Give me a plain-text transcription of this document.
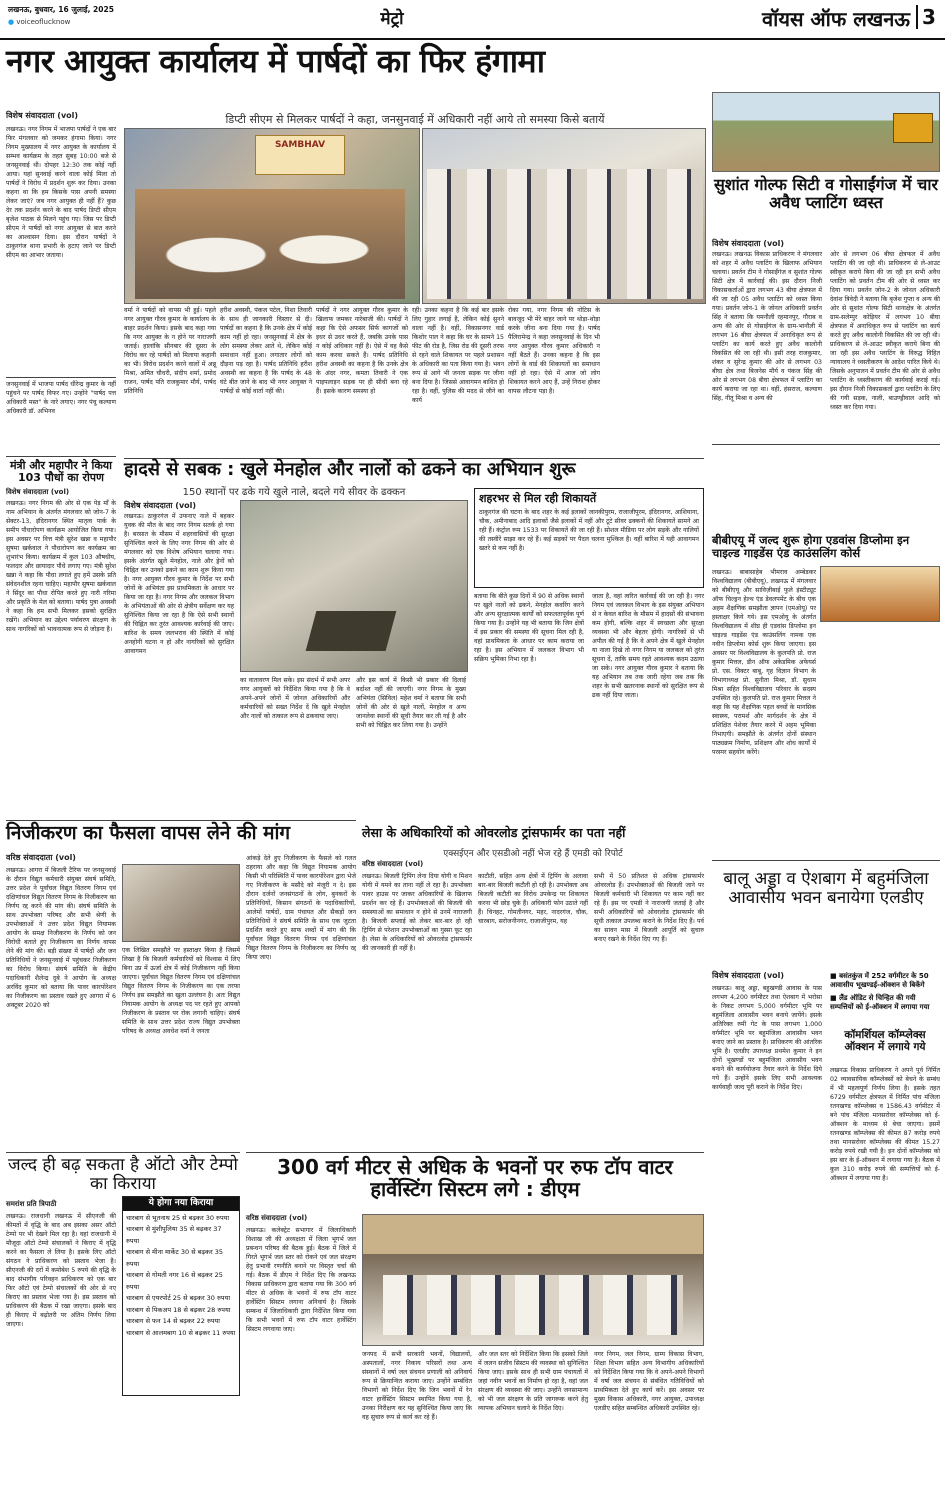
लखनऊ, बुधवार, 16 जुलाई, 2025
● voiceoflucknow	मेट्रो	वॉयस ऑफ लखनऊ 3
नगर आयुक्त कार्यालय में पार्षदों का फिर हंगामा
विशेष संवाददाता (vol)	डिप्टी सीएम से मिलकर पार्षदों ने कहा, जनसुनवाई में अधिकारी नहीं आये तो समस्या किसे बतायें
लखनऊ। नगर निगम में भाजपा पार्षदों ने एक बार फिर मंगलवार को जमकर हंगामा किया। नगर निगम मुख्यालय में नगर आयुक्त के कार्यालय में सम्भव कार्यक्रम के तहत सुबह 10:00 बजे से जनसुनवाई थी। दोपहर 12:30 तक कोई नहीं आया। यहां सुनवाई करने वाला कोई मिला तो पार्षदों ने विरोध में प्रदर्शन शुरू कर दिया। उनका कहना था कि हम किसके पास अपनी समस्या लेकर जाएं? जब नगर आयुक्त ही नहीं हैं? कुछ देर तक प्रदर्शन करने के बाद पार्षद डिप्टी सीएम बृजेश पाठक से मिलने पहुंच गए। जिस पर डिप्टी सीएम ने पार्षदों को नगर आयुक्त से बात करने का आश्वासन दिया। इस दौरान पार्षदों ने ठाकुरगंज थाना प्रभारी के हटाए जाने पर डिप्टी सीएम का आभार जताया।
जनसुनवाई में भाजपा पार्षद धीरेन्द्र कुमार के नहीं पहुंचने पर पार्षद विफर गए। उन्होंने "पार्षद पत्त अधिकारी मस्त" के नारे लगाए। नगर पंचु कल्याण अधिकारी डॉ. अभिनव
SAMBHAV
वर्मा ने पार्षदों को वापस भी हुई। पहले नगर आयुक्त गौरव कुमार के कार्यालय के बाहर प्रदर्शन किया। इसके बाद कहा गया कि नगर आयुक्त के न होने पर नाराजगी जताई। हालांकि सीनबार की दूसरा के विरोध कर रहे पार्षदों को मिलाया कहानी का भी। विरोध प्रदर्शन करने वालों में अन्नू मिश्रा, अमित चौधरी, संदीप शर्मा, प्रमोद राजन, पार्षद पति राजकुमार मौर्य, पार्षद प्रतिनिधि
हरीश अवस्थी, पंकज पटेल, निशा तिवारी के साथ ही जानकारी विस्तार से दी। पार्षदों का कहना है कि उनके क्षेत्र में कोई काम नहीं हो रहा। जनसुनवाई में क्षेत्र के लोग समस्या लेकर आते थे, लेकिन कोई समाधान नहीं हुआ। लगातार लोगों को दौड़ना पड़ रहा है। पार्षद प्रतिनिधि हरीश अवस्थी का कहना है कि पार्षद के 48 घंटे बीत जाने के बाद भी नगर आयुक्त ने पार्षदों से कोई वार्ता नहीं की।
पार्षदों ने नगर आयुक्त गौरव कुमार के खिलाफ जमकर नारेबाजी की। पार्षदों ने कहा कि ऐसे अफसर सिर्फ कागजों को इधर से उधर करते हैं, जबकि उनके पास न कोई अधिकार नहीं है। ऐसे में वह कैसे काम करवा सकते हैं। पार्षद प्रतिनिधि हरीश अवस्थी का कहना है कि उनके क्षेत्र के अंदर नगर, कमता तिवारी ने एक पाइपलाइन सड़क पर ही सीधी बना रहे हैं। इसके कारण समस्या हो
रही। उनका कहना है कि कई बार इसके लिए गुहार लगाई है, लेकिन कोई सुनने वाला नहीं है। वहीं, विकासनगर वार्ड किशोर पाल ने कहा कि घर के सामने 15 फीट की रोड है, जिस रोड की दूसरी तरफ से रहने वाले शिकायत पर पहले प्रशासन के अधिकारी का पता किया गया है। भवन रूप से आगे भी जनता सड़क पर जीना बना दिया है। जिससे आवागमन बाधित हो रहा है। वहीं, पुलिस की मदद से जीने का कार्य
रोका गया, नगर निगम की नोटिस के बावजूद भी मेरे बाहर जाने पर थोड़ा-थोड़ा करके जीना बना दिया गया है। पार्षद पैलिरामेन्द्र ने कहा जनसुनवाई के दिन भी नगर आयुक्त गौरव कुमार अधिकारी न नहीं बैठते हैं। उनका कहना है कि इस लोगों के वार्ड की शिकायतों का समाधान नहीं हो रहा। ऐसे में आज जो लोग शिकायत करने आए हैं, उन्हें निराश होकर वापस लौटना पड़ा है।
सुशांत गोल्फ सिटी व गोसाईंगंज में चार अवैध प्लाटिंग ध्वस्त
विशेष संवाददाता (vol)
लखनऊ। लखनऊ विकास प्राधिकरण ने मंगलवार को शहर में अवैध प्लाटिंग के खिलाफ अभियान चलाया। प्रवर्तन टीम ने गोसाईंगंज व सुशांत गोल्फ सिटी क्षेत्र में कार्रवाई की। इस दौरान निजी विकासकर्ताओं द्वारा लगभग 43 बीघा क्षेत्रफल में की जा रही 05 अवैध प्लाटिंग को ध्वस्त किया गया। प्रवर्तन जोन-1 के जोनल अधिकारी प्रवर्तन सिंह ने बताया कि यमनौली रहमानपुर, गौराब व अन्य की ओर से गोसाईंगंज के ग्राम-भानौली में लगभग 16 बीघा क्षेत्रफल में अनाधिकृत रूप से प्लाटिंग का कार्य करते हुए अवैध कालोनी विकसित की जा रही थी। इसी तरह राजकुमार, शंकर व सुरेन्द्र कुमार की ओर से लगभग 03 बीघा क्षेत्र तथा बिजनेस मौर्य व पंकज सिंह की ओर से लगभग 08 बीघा क्षेत्रफल में प्लाटिंग का कार्य कराया जा रहा था। वहीं, हंसराज, कल्याण सिंह, नीतू मिश्रा व अन्य की
ओर से लगभग 06 बीघा क्षेत्रफल में अवैध प्लाटिंग की जा रही थी। प्राधिकरण से ले-आउट स्वीकृत कराये बिना की जा रही इन सभी अवैध प्लाटिंग को प्रवर्तन टीम की ओर से ध्वस्त कर दिया गया। प्रवर्तन जोन-2 के जोनल अधिकारी देवांश त्रिवेदी ने बताया कि बृजेश गुप्ता व अन्य की ओर से सुशांत गोल्फ सिटी थानाक्षेत्र के अंतर्गत ग्राम-सलेम्पुर कोड़ियर में लगभग 10 बीघा क्षेत्रफल में अनाधिकृत रूप से प्लाटिंग का कार्य करते हुए अवैध कालोनी विकसित की जा रही थी। प्राधिकरण से ले-आउट स्वीकृत कराये बिना की जा रही इस अवैध प्लाटिंग के विरुद्ध विहित न्यायालय ने ध्वस्तीकरण के आदेश पारित किये थे। जिसके अनुपालन में प्रवर्तन टीम की ओर से अवैध प्लाटिंग के ध्वस्तीकरण की कार्यवाई कराई गई। इस दौरान निजी विकासकर्ता द्वारा प्लाटिंग के लिए की गयी सड़क, नाली, बाउण्ड्रीवाल आदि को ध्वस्त कर दिया गया।
मंत्री और महापौर ने किया 103 पौधों का रोपण
विशेष संवाददाता (vol)
लखनऊ। नगर निगम की ओर से एक पेड़ माँ के नाम अभियान के अंतर्गत मंगलवार को जोन-7 के सेक्टर-13, इंदिरानगर स्थित मातृत्व पार्क के समीप पौधारोपण कार्यक्रम आयोजित किया गया। इस अवसर पर वित्त मंत्री सुरेश खन्ना व महापौर सुषमा खर्कवाल ने पौधारोपण कर कार्यक्रम का शुभारंभ किया। कार्यक्रम में कुल 103 औषधीय, फलदार और छायादार पौधे लगाए गए। मंत्री सुरेश खन्ना ने कहा कि पौधा लगाते हुए हमें उसके प्रति संवेदनशील रहना चाहिए। महापौर सुषमा खर्कवाल ने सिंदूर का पौधा रोपित करते हुए नारी गरिमा और प्रकृति के मेल को बताया। पार्षद पुत्रा अवस्थी ने कहा कि हम सभी मिलकर इसको सुरक्षित रखेंगे। अभियान का उद्देश्य पर्यावरण संरक्षण के साथ नागरिकों को भावनात्मक रूप से जोड़ना है।
हादसे से सबक : खुले मेनहोल और नालों को ढकने का अभियान शुरू
150 स्थानों पर ढके गये खुले नाले, बदले गये सीवर के ढक्कन
विशेष संवाददाता (vol)
लखनऊ। ठाकुरगंज में उफनाए नाले में बहकर युवक की मौत के बाद नगर निगम सतर्क हो गया है। बरसात के मौसम में शहरवासियों की सुरक्षा सुनिश्चित करने के लिए नगर निगम की ओर से मंगलवार को एक विशेष अभियान चलाया गया। इसके अंतर्गत खुले मेनहोल, नाले और ड्रेनों को चिह्नित कर उनको ढकने का काम शुरू किया गया है। नगर आयुक्त गौरव कुमार के निर्देश पर सभी जोनों के अभियंता इस प्राथमिकता के आधार पर किया जा रहा है। नगर निगम और जलकल विभाग के अभियंताओं की ओर से क्षेत्रीय सर्वेक्षण कर यह सुनिश्चित किया जा रहा है कि ऐसे सभी स्थानों की चिह्नित कर तुरंत आवश्यक कार्रवाई की जाए। बारिश के समय जलभराव की स्थिति में कोई अनहोनी घटना न हो और नागरिकों को सुरक्षित आवागमन
शहरभर से मिल रही शिकायतें
ठाकुरगंज की घटना के बाद शहर के कई इलाकों जानकीपुरम, राजाजीपुरम, इंदिरानगर, आशियाना, चौक, अमीनाबाद आदि इलाकों जैसे इलाकों में नहीं और टूटे सीवर ढक्कनों की शिकायतें सामने आ रही हैं। कंट्रोल रूम 1533 पर शिकायतें की जा रही हैं। सोशल मीडिया पर लोग सड़कें और नालियों की तस्वीरें साझा कर रहे हैं। कई सड़कों पर पैदल चलना मुश्किल है। वहीं बारिश में यही आवागमन खतरे से कम नहीं है।
का वातावरण मिल सके। इस संदर्भ में सभी अपर नगर आयुक्तों को निर्देशित किया गया है कि वे अपने-अपने जोनों में जोनल अधिकारियों और कर्मचारियों को सख्त निर्देश दें कि खुले मेनहोल और नालों को तत्काल रूप से ढकवाया जाए।
और इस कार्य में किसी भी प्रकार की दिलाई बर्दाश्त नहीं की जाएगी। नगर निगम के मुख्य अभियंता (सिविल) महेश वर्मा ने बताया कि सभी जोनों की ओर से खुले नालों, मेनहोल व अन्य जानलेवा स्थानों की सूची तैयार कर ली गई है और सभी को चिह्नित कर लिया गया है। उन्होंने
बताया कि बीते कुछ दिनों में 90 से अधिक स्थानों पर खुले नालों को ढकने, मेनहोल कवरिंग करने और अन्य सुरक्षात्मक कार्यों को सफलतापूर्वक पूर्ण किया गया है। उन्होंने यह भी बताया कि जिन क्षेत्रों में इस प्रकार की समस्या की सूचना मिल रही है, वहां प्राथमिकता के आधार पर काम कराया जा रहा है। इस अभियान में जलकल विभाग भी सक्रिय भूमिका निभा रहा है।
जाता है, वहां त्वरित कार्रवाई की जा रही है। नगर निगम एवं जलकल विभाग के इस संयुक्त अभियान से न केवल बारिश के मौसम में हादसों की संभावना कम होगी, बल्कि शहर में स्वच्छता और सुरक्षा व्यवस्था भी और बेहतर होगी। नागरिकों से भी अपील की गई है कि वे अपने क्षेत्र में खुले मेनहोल या नाला दिखे तो नगर निगम या जलकल को तुरंत सूचना दें, ताकि समय रहते आवश्यक कदम उठाया जा सके। नगर आयुक्त गौरव कुमार ने बताया कि यह अभियान तब तक जारी रहेगा जब तक कि शहर के सभी खतरनाक स्थानों को सुरक्षित रूप से ढक नहीं दिया जाता।
बीबीएयू में जल्द शुरू होगा एडवांस डिप्लोमा इन चाइल्ड गाइडेंस एंड काउंसलिंग कोर्स
लखनऊ। बाबासाहेब भीमराव अम्बेडकर विश्वविद्यालय (बीबीएयू), लखनऊ में मंगलवार को बीबीएयू और साविज़ीबाई फुले इंस्टीट्यूट ऑफ चिल्ड्रन हेल्थ एंड डेवलपमेंट के बीच एक अहम शैक्षणिक समझौता ज्ञापन (एमओयू) पर हस्ताक्षर किये गये। इस एमओयू के अंतर्गत विश्वविद्यालय में शीघ्र ही एडवांस डिप्लोमा इन चाइल्ड गाइडेंस एंड काउंसलिंग नामक एक नवीन डिप्लोमा कोर्स शुरू किया जाएगा। इस अवसर पर विश्वविद्यालय के कुलपति प्रो. राज कुमार मित्तल, डीन ऑफ अकेडमिक अफेयर्स प्रो. एस. विक्टर बाबू, गृह विज्ञान विभाग के विभागाध्यक्ष प्रो. सुनीता मिश्रा, डॉ. सुधाम मिश्रा सहित विश्वविद्यालय परिवार के सदस्य उपस्थित रहे। कुलपति प्रो. राज कुमार मित्तल ने कहा कि यह शैक्षणिक पहल बच्चों के मानसिक स्वास्थ्य, परामर्श और मार्गदर्शन के क्षेत्र में प्रशिक्षित पेशेवर तैयार करने में अहम भूमिका निभाएगी। समझौते के अंतर्गत दोनों संस्थान पाठ्यक्रम निर्माण, प्रशिक्षण और शोध कार्यों में परस्पर सहयोग करेंगे।
निजीकरण का फैसला वापस लेने की मांग
वरिष्ठ संवाददाता (vol)
लखनऊ। आगरा में बिजली टैरिफ पर जनसुनवाई के दौरान विद्युत कर्मचारी संयुक्त संघर्ष समिति, उत्तर प्रदेश ने पूर्वांचल विद्युत वितरण निगम एवं दक्षिणांचल विद्युत वितरण निगम के निजीकरण का निर्णय रद्द करने की मांग की। संघर्ष समिति के साथ उपभोक्ता परिषद और सभी श्रेणी के उपभोक्ताओं ने उत्तर प्रदेश विद्युत नियामक आयोग के समक्ष निजीकरण के निर्णय को जन विरोधी बताते हुए निजीकरण का निर्णय वापस लेने की मांग की। बड़ी संख्या में पार्षदों और जन प्रतिनिधियों ने जनसुनवाई में पहुंचकर निजीकरण का विरोध किया। संघर्ष समिति के केंद्रीय पदाधिकारी शैलेन्द्र दुबे ने आयोग के अध्यक्ष अरविंद कुमार को बताया कि पावर कारपोरेशन का निजीकरण का प्रस्ताव रखते हुए आगरा में 6 अक्टूबर 2020 को
एक लिखित समझौते पर हस्ताक्षर किया है जिसमें लिखा है कि बिजली कर्मचारियों को विश्वास में लिए बिना उप्र में ऊर्जा क्षेत्र में कोई निजीकरण नहीं किया जाएगा। पूर्वांचल विद्युत वितरण निगम एवं दक्षिणांचल विद्युत वितरण निगम के निजीकरण का एक तरफा निर्णय इस समझौते का खुला उल्लंघन है। अतः विद्युत नियामक आयोग के अध्यक्ष पद पर रहते हुए आपको निजीकरण के प्रस्ताव पर रोक लगानी चाहिए। संघर्ष समिति के साथ उत्तर प्रदेश राज्य विद्युत उपभोक्ता परिषद के अध्यक्ष अवधेश वर्मा ने जनता
आंकड़े देते हुए निजीकरण के फैसले को गलत ठहराया और कहा कि विद्युत नियामक आयोग किसी भी परिस्थिति में पावर कारपोरेशन द्वारा भेजे गए निजीकरण के मसौदे को मंजूरी न दे। इस दौरान दर्जनों जनसंगठनों के लोग, बुनकरों के प्रतिनिधियों, किसान संगठनों के पदाधिकारियों, आलेमों पार्षदों, ग्राम पंचायत और सैकड़ों जन प्रतिनिधियों ने संघर्ष समिति के साथ एक जुटता प्रदर्शित करते हुए साफ शब्दों में मांग की कि पूर्वांचल विद्युत वितरण निगम एवं दक्षिणांचल विद्युत वितरण निगम के निजीकरण का निर्णय रद्द किया जाए।
लेसा के अधिकारियों को ओवरलोड ट्रांसफार्मर का पता नहीं
एक्सईएन और एसडीओ नहीं भेज रहे हैं एमडी को रिपोर्ट
वरिष्ठ संवाददाता (vol)
लखनऊ। बिजली ट्रिपिंग लेना दिया योगी व मिशन योगी में यमने का ताना नहीं ले रहा है। उपभोक्ता पावर हाउस पर जाकर अधिकारियों के खिलाफ प्रदर्शन कर रहे हैं। उपभोक्ताओं की बिजली की समस्याओं का समाधान न होने से उनमें नाराजगी है। बिजली सप्लाई को लेकर बार-बार हो रही ट्रिपिंग से परेशान उपभोक्ताओं का गुस्सा फूट रहा है। लेसा के अधिकारियों को ओवरलोड ट्रांसफार्मर की जानकारी ही नहीं है।
काटौती, सहित अन्य क्षेत्रों में ट्रिपिंग के अलावा बार-बार बिजली कटौती हो रही है। उपभोक्ता अब बिजली कटौती का विरोध उपकेन्द्र पर शिकायत करना भी छोड़ चुके हैं। अधिकारी फोन उठाते नहीं हैं। चिनहट, गोमतीनगर, महर, नादरगंज, चौक, चारबाग, सरोजनीनगर, राजाजीपुरम, यह
सभी में 50 प्रतिशत से अधिक ट्रांसफार्मर ओवरलोड हैं। उपभोक्ताओं की बिजली जाने पर बिजली कर्मचारी भी शिकायत पर काम नहीं कर रहे हैं। इस पर एमडी ने नाराजगी जताई है और सभी अधिकारियों को ओवरलोड ट्रांसफार्मर की सूची तत्काल उपलब्ध कराने के निर्देश दिए हैं। पर्व का सावन मास में बिजली आपूर्ति को सुचारु बनाए रखने के निर्देश दिए गए हैं।
बालू अड्डा व ऐशबाग में बहुमंजिला आवासीय भवन बनायेगा एलडीए
विशेष संवाददाता (vol)
लखनऊ। बालू अड्डा, बहुखण्डी आवास के पास लगभग 4,200 वर्गमीटर तथा ऐशबाग में भरोसा के निकट लगभग 5,000 वर्गमीटर भूमि पर बहुमंजिला आवासीय भवन बनाये जायेंगे। इसके अतिरिक्त रुमी गेट के पास लगभग 1,000 वर्गमीटर भूमि पर बहुमंजिला आवासीय भवन बनाए जाने का प्रस्ताव है। प्राधिकरण की आंतरिक भूमि है। एलडीए उपाध्यक्ष प्रथमेश कुमार ने इन दोनों भूखण्डों पर बहुमंजिला आवासीय भवन बनाने की कार्ययोजना तैयार करने के निर्देश दिये गये हैं। उन्होंने इसके लिए सभी आवश्यक कार्यवाही जल्द पूरी कराने के निर्देश दिए।
■ बसंतकुंज में 252 वर्गमीटर के 50 आवासीय भूखण्डई-ऑक्शन से बिकेंगे
■ लैंड ऑडिट से चिन्हित की गयी सम्पत्तियों को ई-ऑक्शन में लगाया गया
कॉमर्शियल कॉम्प्लेक्स ऑक्शन में लगाये गये
लखनऊ विकास प्राधिकरण ने अपने पूर्व निर्मित 02 व्यावसायिक कॉम्प्लेक्सों को बेचने के सम्बंध में भी महत्वपूर्ण निर्णय लिया है। इसके तहत 6729 वर्गमीटर क्षेत्रफल में निर्मित पांच मंजिला रतनखण्ड कॉम्प्लेक्स व 1586.43 वर्गमीटर में बने पांच मंजिला मानसरोवर कॉम्प्लेक्स को ई-ऑक्शन के माध्यम से बेचा जाएगा। इसमें रतनखण्ड कॉम्प्लेक्स की कीमत 87 करोड़ रुपये तथा मानसरोवर कॉम्प्लेक्स की कीमत 15.27 करोड़ रुपये रखी गयी है। इन दोनों कॉम्प्लेक्स को इस बार के ई-ऑक्शन में लगाया गया है। बैठक में कुल 310 करोड़ रुपये की सम्पत्तियों को ई-ऑक्शन में लगाया गया है।
जल्द ही बढ़ सकता है ऑटो और टेम्पो का किराया
समरांश प्रति त्रिपाठी
लखनऊ। राजधानी लखनऊ में सीएनजी की कीमतों में वृद्धि के बाद अब इसका असर ऑटो टेम्पो पर भी देखने मिल रहा है। वहां राजधानी में मौजूदा ऑटो टेम्पो संचालकों ने किराए में वृद्धि करने का फैसला ले लिया है। इसके लिए ऑटो संगठन ने प्राधिकरण को प्रस्ताव भेजा है। सीएनजी की दरों में कमोबेश 5 रुपये की वृद्धि के बाद संभागीय परिवहन प्राधिकरण को एक बार फिर ऑटो एवं टेम्पो संचालकों की ओर से नए किराए का प्रस्ताव भेजा गया है। इस प्रस्ताव को प्राधिकरण की बैठक में रखा जाएगा। इसके बाद ही किराए में बढ़ोतरी पर अंतिम निर्णय लिया जाएगा।
ये होगा नया किराया
चारबाग से भूतनाथ 25 से बढ़कर 30 रुपया
चारबाग से मुंशीपुलिया 35 से बढ़कर 37 रुपया
चारबाग से मीना मार्केट 30 से बढ़कर 35 रुपया
चारबाग से गोमती नगर 16 से बढ़कर 25 रुपया
चारबाग से एयरपोर्ट 25 से बढ़कर 30 रुपया
चारबाग से पिकअप 18 से बढ़कर 28 रुपया
चारबाग से फन 14 से बढ़कर 22 रुपया
चारबाग से आलमबाग 10 से बढ़कर 11 रुपया
300 वर्ग मीटर से अधिक के भवनों पर रुफ टॉप वाटर हार्वेस्टिंग सिस्टम लगे : डीएम
वरिष्ठ संवाददाता (vol)
लखनऊ। कलेक्ट्रेट सभागार में जिलाधिकारी विशाख जी की अध्यक्षता में जिला भूगर्भ जल प्रबन्धन परिषद की बैठक हुई। बैठक में जिले में गिरते भूगर्भ जल स्तर को रोकने एवं जल संरक्षण हेतु प्रभावी रणनीति बनाने पर विस्तृत चर्चा की गई। बैठक में डीएम ने निर्देश दिए कि लखनऊ विकास प्राधिकरण द्वारा बताया गया कि 300 वर्ग मीटर से अधिक के भवनों में रुफ टॉप वाटर हार्वेस्टिंग सिस्टम लगाना अनिवार्य है। जिसके सम्बन्ध में जिलाधिकारी द्वारा निर्देशित किया गया कि सभी भवनों में रुफ टॉप वाटर हार्वेस्टिंग सिस्टम लगवाया जाए।
जनपद में सभी सरकारी भवनों, विद्यालयों, अस्पतालों, नगर निकाय परिसरों तथा अन्य संस्थानों में वर्षा जल संचयन प्रणाली को अनिवार्य रूप से क्रियान्वित कराया जाए। उन्होंने सम्बंधित विभागों को निर्देश दिए कि जिन भवनों में रेन वाटर हार्वेस्टिंग सिस्टम स्थापित किया गया है, उनका निरीक्षण कर यह सुनिश्चित किया जाए कि वह सुचारु रूप से कार्य कर रहे हैं।
और जल स्तर को निर्देशित किया कि इसको जिले में जलन सजीव सिस्टम की व्यवस्था को सुनिश्चित किया जाए। इसके साथ ही सभी ग्राम पंचायतों में जहां नवीन भवनों का निर्माण हो रहा है, वहां जल संरक्षण की व्यवस्था की जाए। उन्होंने जनसामान्य को भी जल संरक्षण के प्रति जागरूक करने हेतु व्यापक अभियान चलाने के निर्देश दिए।
नगर निगम, जल निगम, ग्राम्य विकास विभाग, शिक्षा विभाग सहित अन्य विभागीय अधिकारियों को निर्देशित किया गया कि वे अपने-अपने विभागों में वर्षा जल संचयन से संबंधित गतिविधियों को प्राथमिकता देते हुए कार्य करें। इस अवसर पर मुख्य विकास अधिकारी, नगर आयुक्त, उपाध्यक्ष एलडीए सहित सम्बन्धित अधिकारी उपस्थित रहे।
